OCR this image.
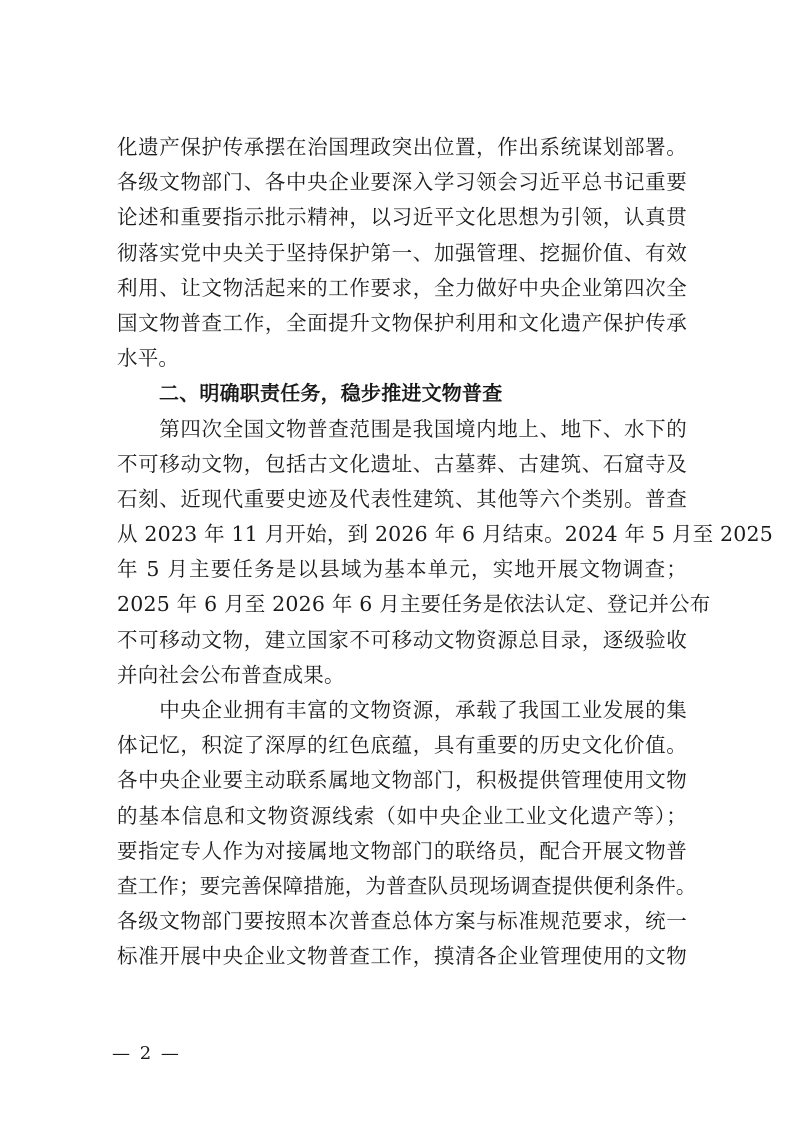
化遗产保护传承摆在治国理政突出位置，作出系统谋划部署。
各级文物部门、各中央企业要深入学习领会习近平总书记重要
论述和重要指示批示精神，以习近平文化思想为引领，认真贯
彻落实党中央关于坚持保护第一、加强管理、挖掘价值、有效
利用、让文物活起来的工作要求，全力做好中央企业第四次全
国文物普查工作，全面提升文物保护利用和文化遗产保护传承
水平。
二、明确职责任务，稳步推进文物普查
　　第四次全国文物普查范围是我国境内地上、地下、水下的
不可移动文物，包括古文化遗址、古墓葬、古建筑、石窟寺及
石刻、近现代重要史迹及代表性建筑、其他等六个类别。普查
从 2023 年 11 月开始，到 2026 年 6 月结束。2024 年 5 月至 2025
年 5 月主要任务是以县域为基本单元，实地开展文物调查；
2025 年 6 月至 2026 年 6 月主要任务是依法认定、登记并公布
不可移动文物，建立国家不可移动文物资源总目录，逐级验收
并向社会公布普查成果。
　　中央企业拥有丰富的文物资源，承载了我国工业发展的集
体记忆，积淀了深厚的红色底蕴，具有重要的历史文化价值。
各中央企业要主动联系属地文物部门，积极提供管理使用文物
的基本信息和文物资源线索（如中央企业工业文化遗产等）；
要指定专人作为对接属地文物部门的联络员，配合开展文物普
查工作；要完善保障措施，为普查队员现场调查提供便利条件。
各级文物部门要按照本次普查总体方案与标准规范要求，统一
标准开展中央企业文物普查工作，摸清各企业管理使用的文物
— 2 —
